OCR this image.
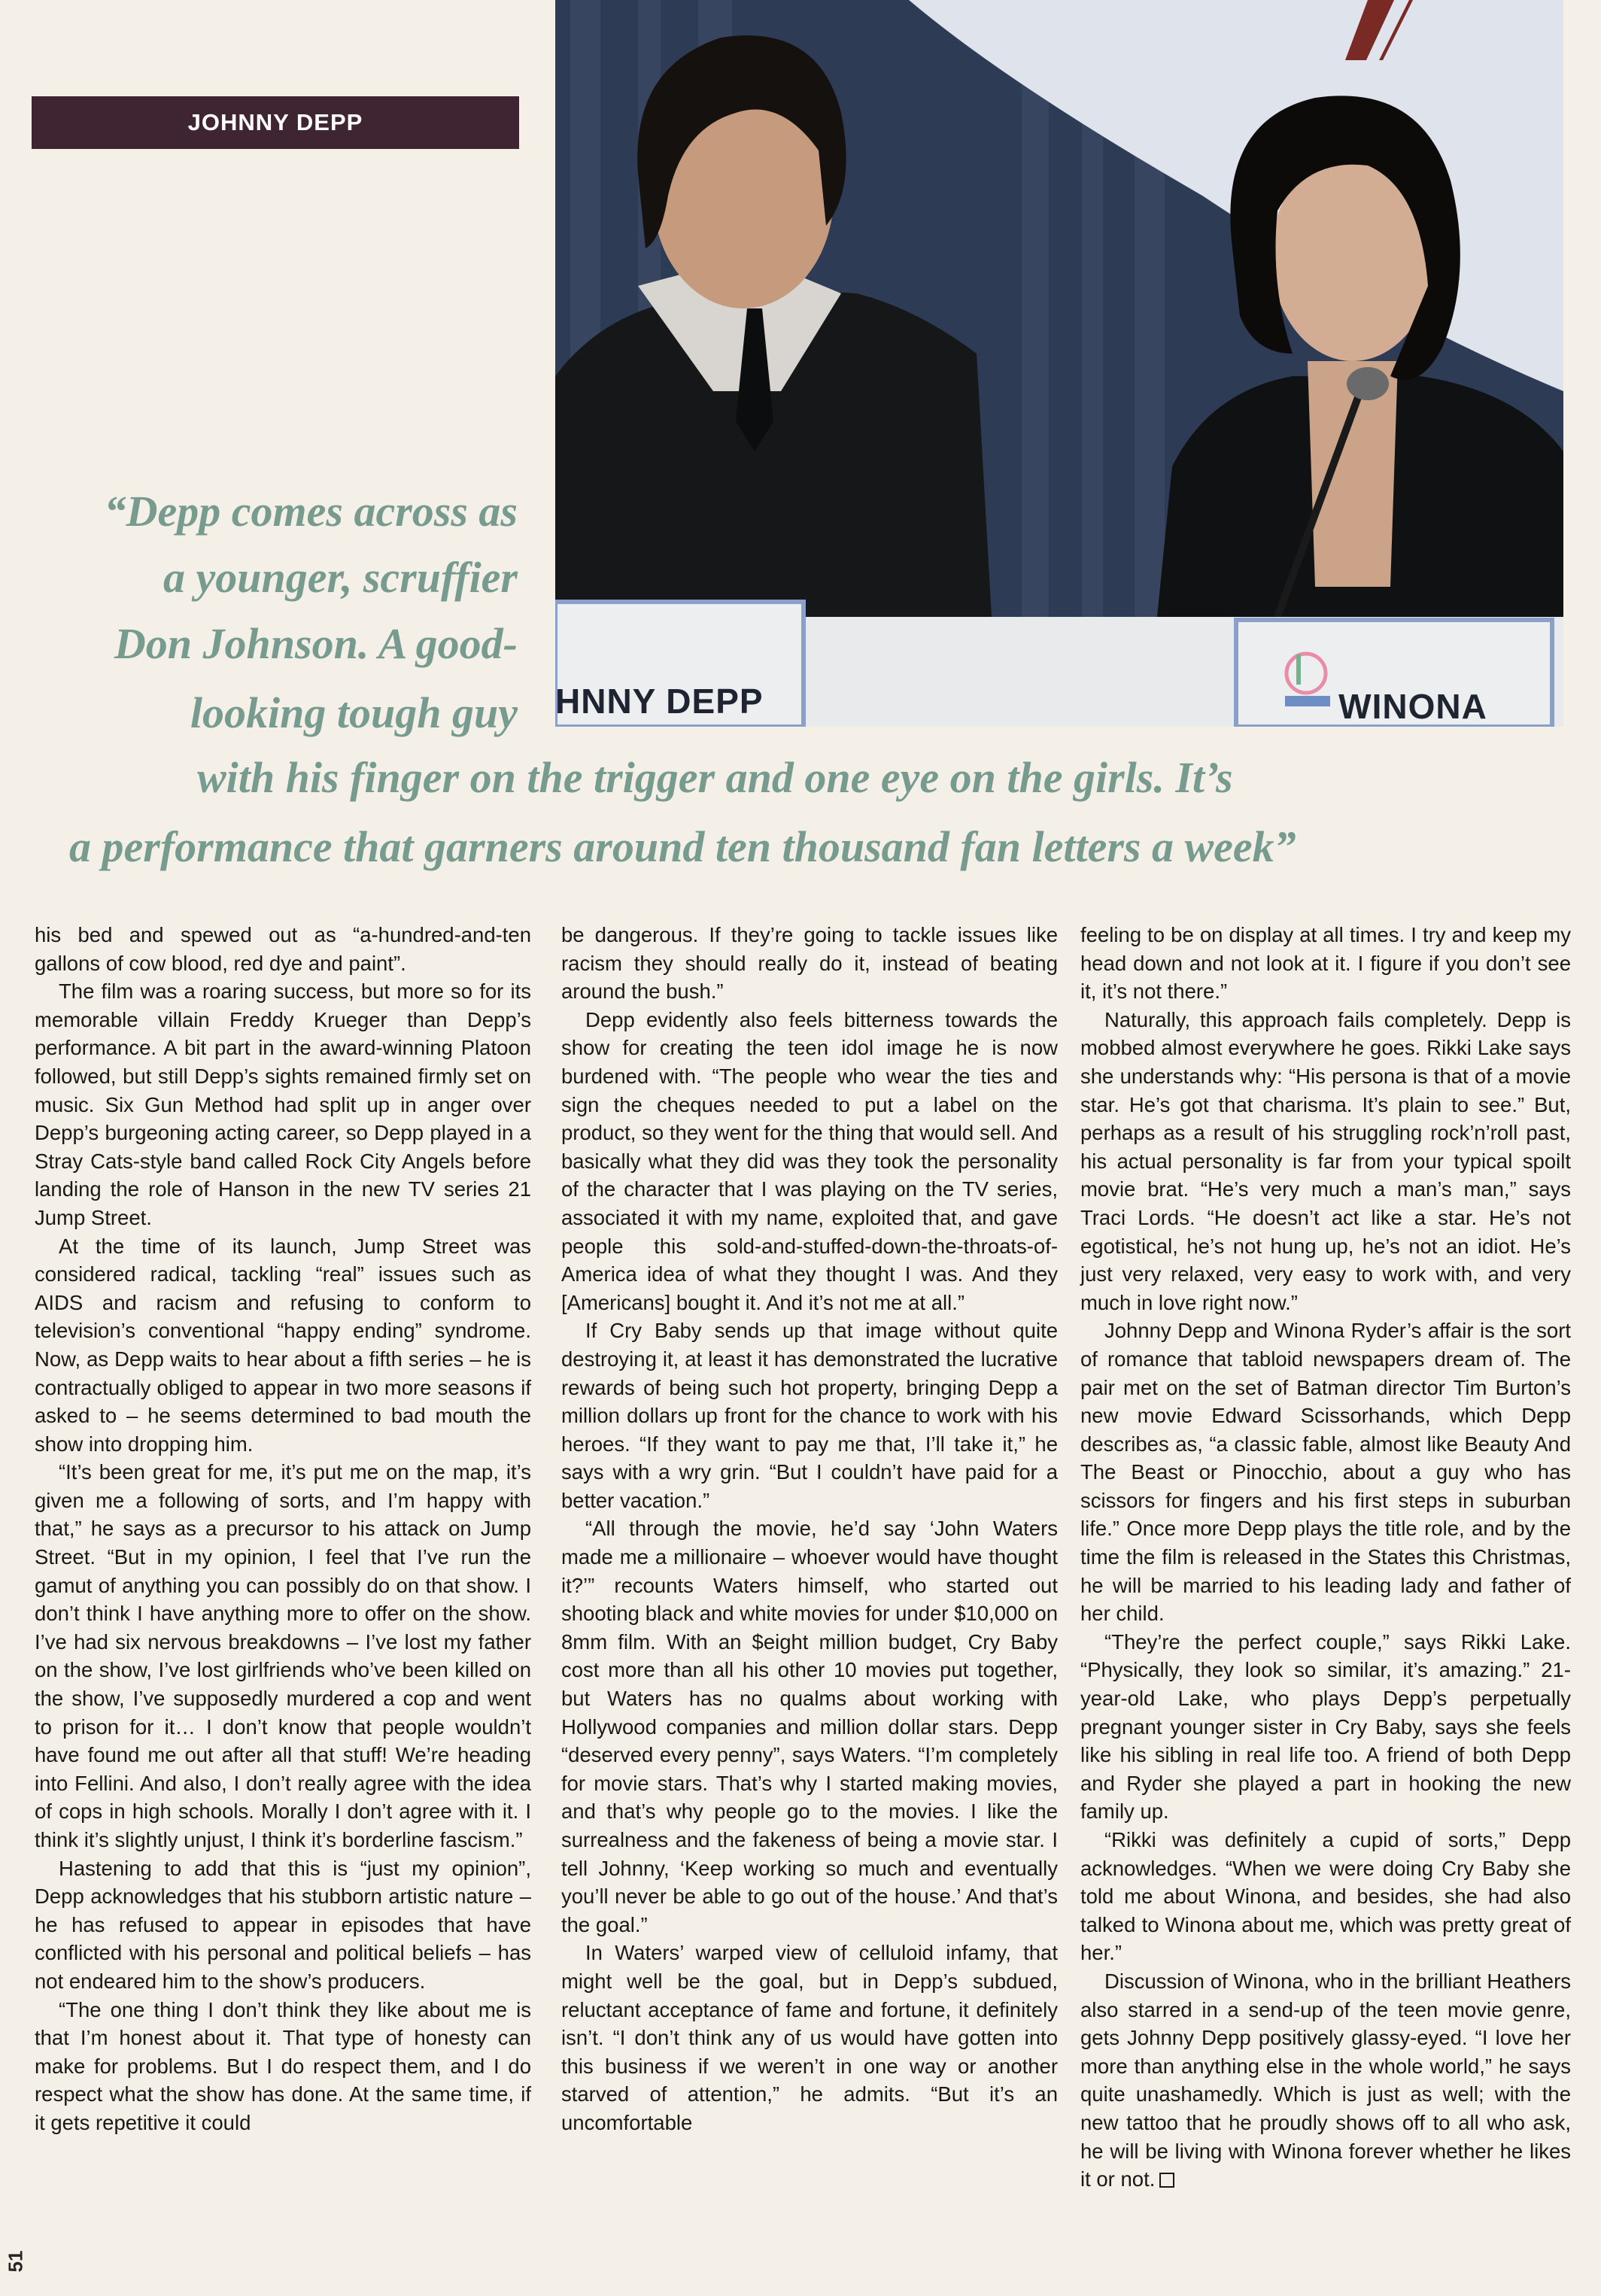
JOHNNY DEPP
HNNY DEPP	WINONA
“Depp comes across as
a younger, scruffier
Don Johnson. A good-
looking tough guy
with his finger on the trigger and one eye on the girls. It’s
a performance that garners around ten thousand fan letters a week”

his bed and spewed out as “a-hundred-and-ten gallons of cow blood, red dye and paint”.

The film was a roaring success, but more so for its memorable villain Freddy Krueger than Depp’s performance. A bit part in the award-winning Platoon followed, but still Depp’s sights remained firmly set on music. Six Gun Method had split up in anger over Depp’s burgeoning acting career, so Depp played in a Stray Cats-style band called Rock City Angels before landing the role of Hanson in the new TV series 21 Jump Street.

At the time of its launch, Jump Street was considered radical, tackling “real” issues such as AIDS and racism and refusing to conform to television’s conventional “happy ending” syndrome. Now, as Depp waits to hear about a fifth series – he is contractually obliged to appear in two more seasons if asked to – he seems determined to bad mouth the show into dropping him.

“It’s been great for me, it’s put me on the map, it’s given me a following of sorts, and I’m happy with that,” he says as a precursor to his attack on Jump Street. “But in my opinion, I feel that I’ve run the gamut of anything you can possibly do on that show. I don’t think I have anything more to offer on the show. I’ve had six nervous breakdowns – I’ve lost my father on the show, I’ve lost girlfriends who’ve been killed on the show, I’ve supposedly murdered a cop and went to prison for it… I don’t know that people wouldn’t have found me out after all that stuff! We’re heading into Fellini. And also, I don’t really agree with the idea of cops in high schools. Morally I don’t agree with it. I think it’s slightly unjust, I think it’s borderline fascism.”

Hastening to add that this is “just my opinion”, Depp acknowledges that his stubborn artistic nature – he has refused to appear in episodes that have conflicted with his personal and political beliefs – has not endeared him to the show’s producers.

“The one thing I don’t think they like about me is that I’m honest about it. That type of honesty can make for problems. But I do respect them, and I do respect what the show has done. At the same time, if it gets repetitive it could

be dangerous. If they’re going to tackle issues like racism they should really do it, instead of beating around the bush.”

Depp evidently also feels bitterness towards the show for creating the teen idol image he is now burdened with. “The people who wear the ties and sign the cheques needed to put a label on the product, so they went for the thing that would sell. And basically what they did was they took the personality of the character that I was playing on the TV series, associated it with my name, exploited that, and gave people this sold-and-stuffed-down-the-throats-of-America idea of what they thought I was. And they [Americans] bought it. And it’s not me at all.”

If Cry Baby sends up that image without quite destroying it, at least it has demonstrated the lucrative rewards of being such hot property, bringing Depp a million dollars up front for the chance to work with his heroes. “If they want to pay me that, I’ll take it,” he says with a wry grin. “But I couldn’t have paid for a better vacation.”

“All through the movie, he’d say ‘John Waters made me a millionaire – whoever would have thought it?’” recounts Waters himself, who started out shooting black and white movies for under $10,000 on 8mm film. With an $eight million budget, Cry Baby cost more than all his other 10 movies put together, but Waters has no qualms about working with Hollywood companies and million dollar stars. Depp “deserved every penny”, says Waters. “I’m completely for movie stars. That’s why I started making movies, and that’s why people go to the movies. I like the surrealness and the fakeness of being a movie star. I tell Johnny, ‘Keep working so much and eventually you’ll never be able to go out of the house.’ And that’s the goal.”

In Waters’ warped view of celluloid infamy, that might well be the goal, but in Depp’s subdued, reluctant acceptance of fame and fortune, it definitely isn’t. “I don’t think any of us would have gotten into this business if we weren’t in one way or another starved of attention,” he admits. “But it’s an uncomfortable

feeling to be on display at all times. I try and keep my head down and not look at it. I figure if you don’t see it, it’s not there.”

Naturally, this approach fails completely. Depp is mobbed almost everywhere he goes. Rikki Lake says she understands why: “His persona is that of a movie star. He’s got that charisma. It’s plain to see.” But, perhaps as a result of his struggling rock’n’roll past, his actual personality is far from your typical spoilt movie brat. “He’s very much a man’s man,” says Traci Lords. “He doesn’t act like a star. He’s not egotistical, he’s not hung up, he’s not an idiot. He’s just very relaxed, very easy to work with, and very much in love right now.”

Johnny Depp and Winona Ryder’s affair is the sort of romance that tabloid newspapers dream of. The pair met on the set of Batman director Tim Burton’s new movie Edward Scissorhands, which Depp describes as, “a classic fable, almost like Beauty And The Beast or Pinocchio, about a guy who has scissors for fingers and his first steps in suburban life.” Once more Depp plays the title role, and by the time the film is released in the States this Christmas, he will be married to his leading lady and father of her child.

“They’re the perfect couple,” says Rikki Lake. “Physically, they look so similar, it’s amazing.” 21-year-old Lake, who plays Depp’s perpetually pregnant younger sister in Cry Baby, says she feels like his sibling in real life too. A friend of both Depp and Ryder she played a part in hooking the new family up.

“Rikki was definitely a cupid of sorts,” Depp acknowledges. “When we were doing Cry Baby she told me about Winona, and besides, she had also talked to Winona about me, which was pretty great of her.”

Discussion of Winona, who in the brilliant Heathers also starred in a send-up of the teen movie genre, gets Johnny Depp positively glassy-eyed. “I love her more than anything else in the whole world,” he says quite unashamedly. Which is just as well; with the new tattoo that he proudly shows off to all who ask, he will be living with Winona forever whether he likes it or not.

51
